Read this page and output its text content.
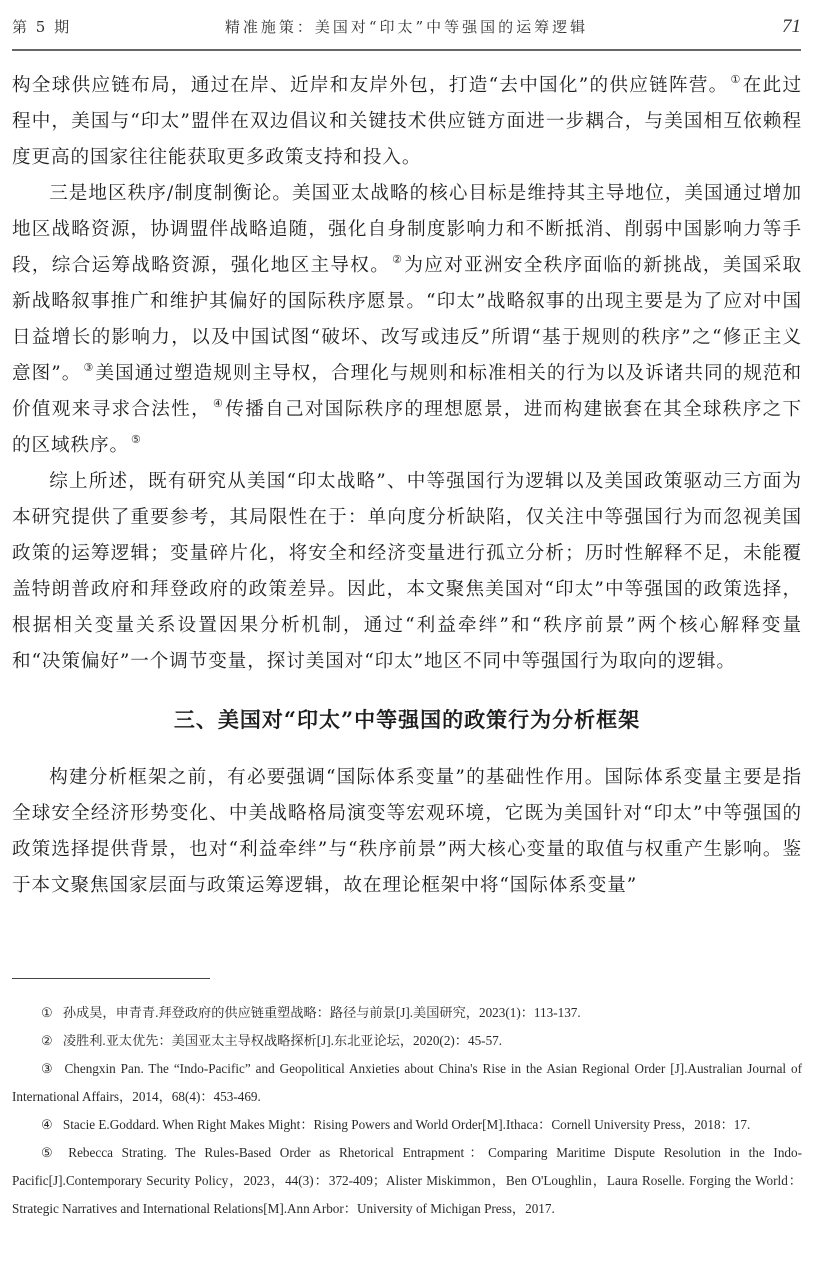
第 5 期	精准施策：美国对“印太”中等强国的运筹逻辑	71

构全球供应链布局，通过在岸、近岸和友岸外包，打造“去中国化”的供应链阵营。 ① 在此过程中，美国与“印太”盟伴在双边倡议和关键技术供应链方面进一步耦合，与美国相互依赖程度更高的国家往往能获取更多政策支持和投入。

三是地区秩序/制度制衡论。美国亚太战略的核心目标是维持其主导地位，美国通过增加地区战略资源，协调盟伴战略追随，强化自身制度影响力和不断抵消、削弱中国影响力等手段，综合运筹战略资源，强化地区主导权。 ② 为应对亚洲安全秩序面临的新挑战，美国采取新战略叙事推广和维护其偏好的国际秩序愿景。“印太”战略叙事的出现主要是为了应对中国日益增长的影响力，以及中国试图“破坏、改写或违反”所谓“基于规则的秩序”之“修正主义意图”。 ③ 美国通过塑造规则主导权，合理化与规则和标准相关的行为以及诉诸共同的规范和价值观来寻求合法性， ④ 传播自己对国际秩序的理想愿景，进而构建嵌套在其全球秩序之下的区域秩序。 ⑤

综上所述，既有研究从美国“印太战略”、中等强国行为逻辑以及美国政策驱动三方面为本研究提供了重要参考，其局限性在于：单向度分析缺陷，仅关注中等强国行为而忽视美国政策的运筹逻辑；变量碎片化，将安全和经济变量进行孤立分析；历时性解释不足，未能覆盖特朗普政府和拜登政府的政策差异。因此，本文聚焦美国对“印太”中等强国的政策选择，根据相关变量关系设置因果分析机制，通过“利益牵绊”和“秩序前景”两个核心解释变量和“决策偏好”一个调节变量，探讨美国对“印太”地区不同中等强国行为取向的逻辑。

三、美国对“印太”中等强国的政策行为分析框架

构建分析框架之前，有必要强调“国际体系变量”的基础性作用。国际体系变量主要是指全球安全经济形势变化、中美战略格局演变等宏观环境，它既为美国针对“印太”中等强国的政策选择提供背景，也对“利益牵绊”与“秩序前景”两大核心变量的取值与权重产生影响。鉴于本文聚焦国家层面与政策运筹逻辑，故在理论框架中将“国际体系变量”

① 孙成昊，申青青.拜登政府的供应链重塑战略：路径与前景[J].美国研究，2023(1)：113-137.

② 凌胜利.亚太优先：美国亚太主导权战略探析[J].东北亚论坛，2020(2)：45-57.

③ Chengxin Pan. The “Indo-Pacific” and Geopolitical Anxieties about China's Rise in the Asian Regional Order [J].Australian Journal of International Affairs，2014，68(4)：453-469.

④ Stacie E.Goddard. When Right Makes Might：Rising Powers and World Order[M].Ithaca：Cornell University Press，2018：17.

⑤ Rebecca Strating. The Rules-Based Order as Rhetorical Entrapment：Comparing Maritime Dispute Resolution in the Indo-Pacific[J].Contemporary Security Policy，2023，44(3)：372-409；Alister Miskimmon，Ben O'Loughlin，Laura Roselle. Forging the World：Strategic Narratives and International Relations[M].Ann Arbor：University of Michigan Press，2017.
